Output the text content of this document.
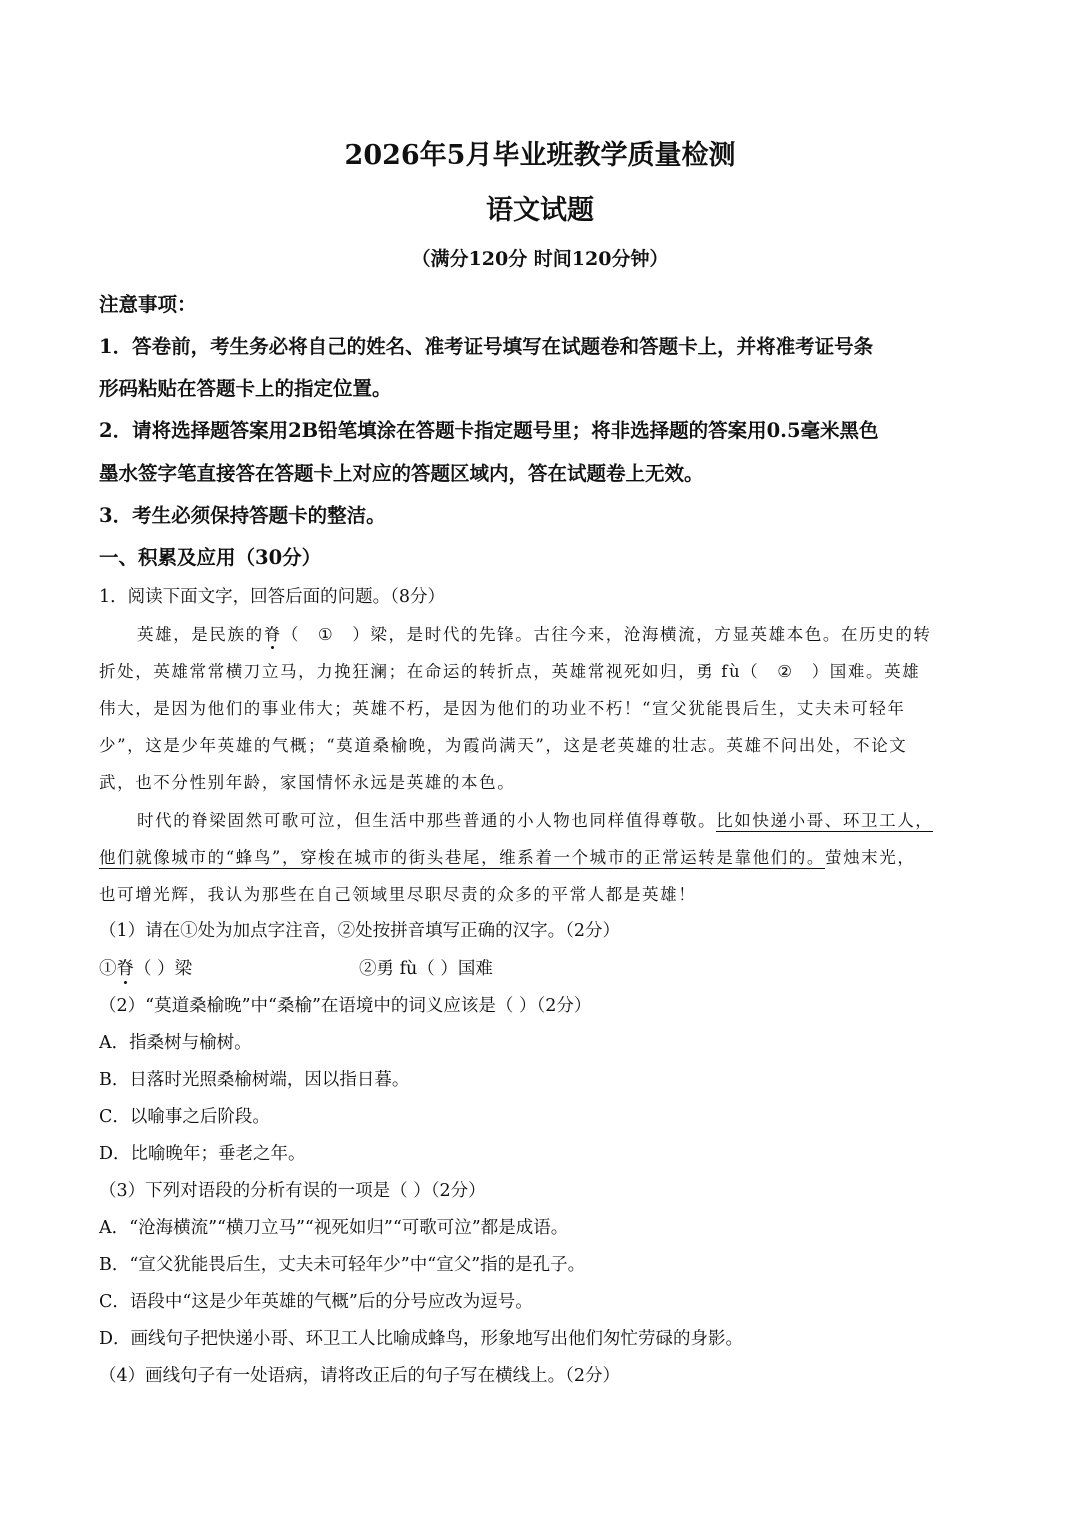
2026年5月毕业班教学质量检测
语文试题
（满分120分 时间120分钟）
注意事项：
1．答卷前，考生务必将自己的姓名、准考证号填写在试题卷和答题卡上，并将准考证号条
形码粘贴在答题卡上的指定位置。
2．请将选择题答案用2B铅笔填涂在答题卡指定题号里；将非选择题的答案用0.5毫米黑色
墨水签字笔直接答在答题卡上对应的答题区域内，答在试题卷上无效。
3．考生必须保持答题卡的整洁。
一、积累及应用（30分）
1．阅读下面文字，回答后面的问题。（8分）
英雄，是民族的脊（ ① ）梁，是时代的先锋。古往今来，沧海横流，方显英雄本色。在历史的转
折处，英雄常常横刀立马，力挽狂澜；在命运的转折点，英雄常视死如归，勇 fù（ ② ）国难。英雄
伟大，是因为他们的事业伟大；英雄不朽，是因为他们的功业不朽！“宣父犹能畏后生，丈夫未可轻年
少”，这是少年英雄的气概；“莫道桑榆晚，为霞尚满天”，这是老英雄的壮志。英雄不问出处，不论文
武，也不分性别年龄，家国情怀永远是英雄的本色。
时代的脊梁固然可歌可泣，但生活中那些普通的小人物也同样值得尊敬。比如快递小哥、环卫工人，
他们就像城市的“蜂鸟”，穿梭在城市的街头巷尾，维系着一个城市的正常运转是靠他们的。萤烛末光，
也可增光辉，我认为那些在自己领域里尽职尽责的众多的平常人都是英雄！
（1）请在①处为加点字注音，②处按拼音填写正确的汉字。（2分）
①脊（ ）梁	②勇 fù（ ）国难
（2）“莫道桑榆晚”中“桑榆”在语境中的词义应该是（ ）（2分）
A．指桑树与榆树。
B．日落时光照桑榆树端，因以指日暮。
C．以喻事之后阶段。
D．比喻晚年；垂老之年。
（3）下列对语段的分析有误的一项是（ ）（2分）
A．“沧海横流”“横刀立马”“视死如归”“可歌可泣”都是成语。
B．“宣父犹能畏后生，丈夫未可轻年少”中“宣父”指的是孔子。
C．语段中“这是少年英雄的气概”后的分号应改为逗号。
D．画线句子把快递小哥、环卫工人比喻成蜂鸟，形象地写出他们匆忙劳碌的身影。
（4）画线句子有一处语病，请将改正后的句子写在横线上。（2分）
